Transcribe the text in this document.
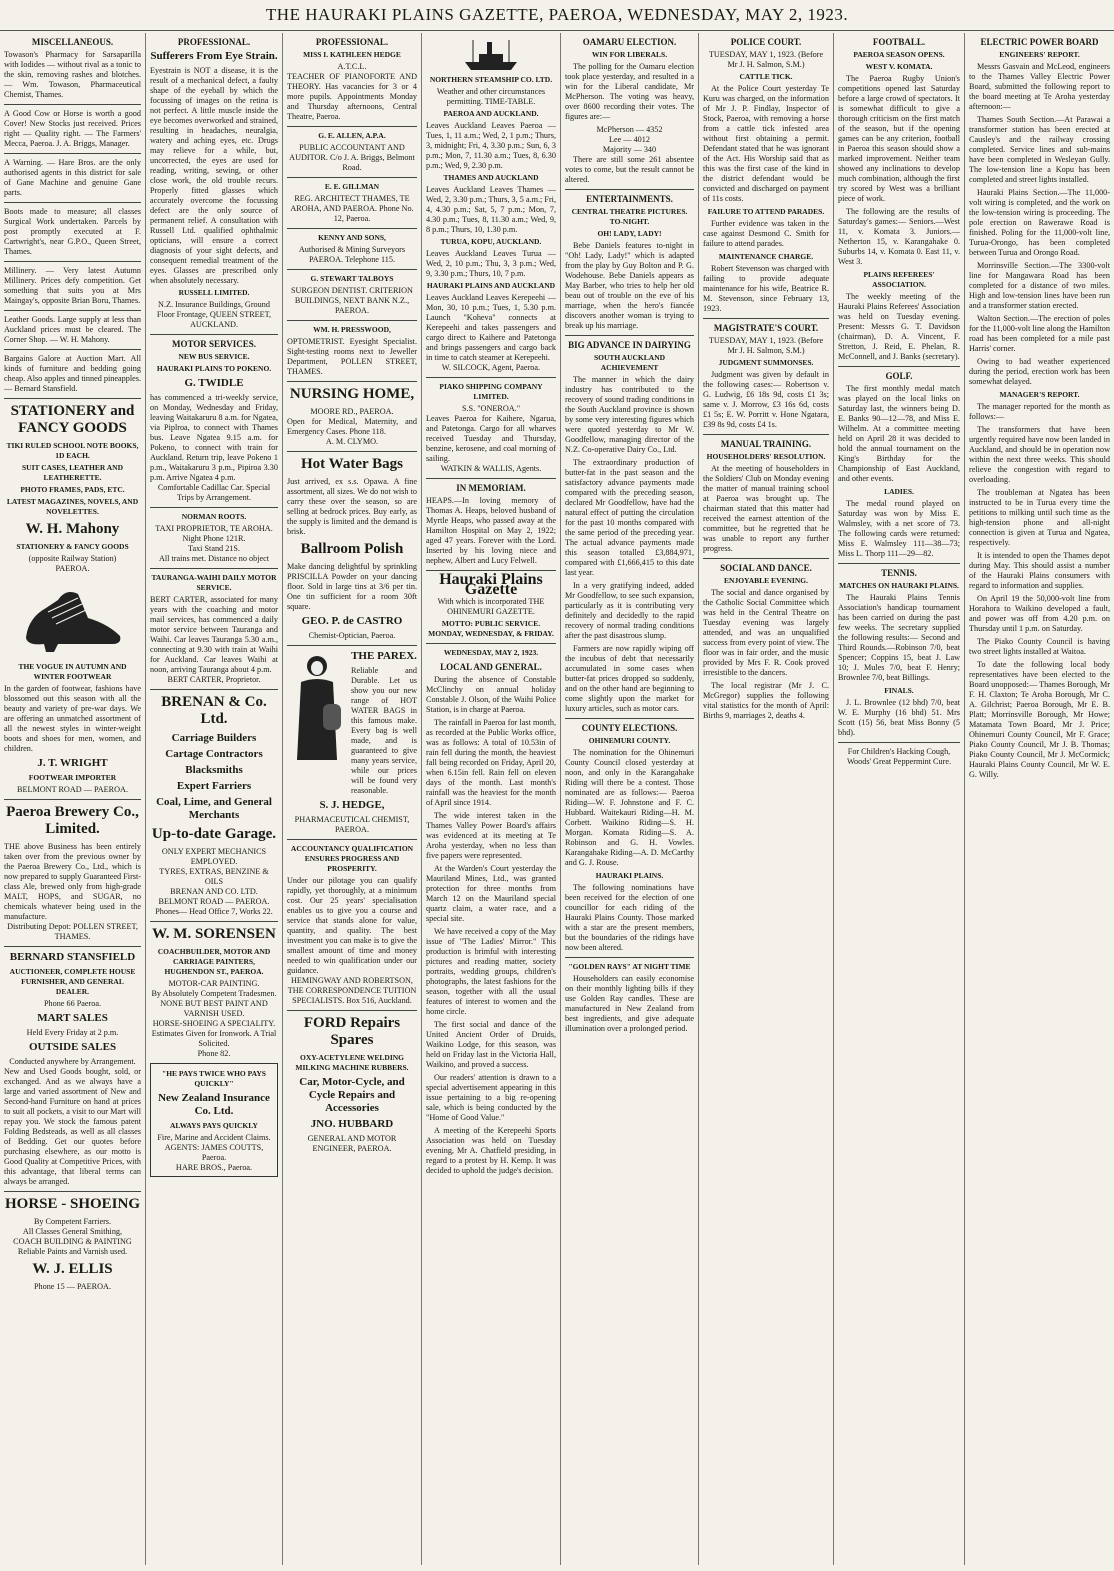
THE HAURAKI PLAINS GAZETTE, PAEROA, WEDNESDAY, MAY 2, 1923.
MISCELLANEOUS.
Towason's Pharmacy for Sarsaparilla with Iodides — without rival as a tonic to the skin, removing rashes and blotches. — Wm. Towason, Pharmaceutical Chemist, Thames.
A Good Cow or Horse is worth a good Cover! New Stocks just received. Prices right — Quality right. — The Farmers' Mecca, Paeroa. J. A. Briggs, Manager.
A Warning. — Hare Bros. are the only authorised agents in this district for sale of Gane Machine and genuine Gane parts.
Boots made to measure; all classes Surgical Work undertaken. Parcels by post promptly executed at F. Cartwright's, near G.P.O., Queen Street, Thames.
Millinery. — Very latest Autumn Millinery. Prices defy competition. Get something that suits you at Mrs Maingay's, opposite Brian Boru, Thames.
Leather Goods. Large supply at less than Auckland prices must be cleared. The Corner Shop. — W. H. Mahony.
Bargains Galore at Auction Mart. All kinds of furniture and bedding going cheap. Also apples and tinned pineapples. — Bernard Stansfield.
STATIONERY and FANCY GOODS
TIKI RULED SCHOOL NOTE BOOKS, 1D EACH.
SUIT CASES, LEATHER AND LEATHERETTE.
PHOTO FRAMES, PADS, ETC.
LATEST MAGAZINES, NOVELS, AND NOVELETTES.
W. H. Mahony
STATIONERY & FANCY GOODS
(opposite Railway Station)
PAEROA.
THE VOGUE IN AUTUMN AND WINTER FOOTWEAR
In the garden of footwear, fashions have blossomed out this season with all the beauty and variety of pre-war days. We are offering an unmatched assortment of all the newest styles in winter-weight boots and shoes for men, women, and children.
J. T. WRIGHT
FOOTWEAR IMPORTER
BELMONT ROAD — PAEROA.
Paeroa Brewery Co., Limited.
THE above Business has been entirely taken over from the previous owner by the Paeroa Brewery Co., Ltd., which is now prepared to supply Guaranteed First-class Ale, brewed only from high-grade MALT, HOPS, and SUGAR, no chemicals whatever being used in the manufacture.
Distributing Depot: POLLEN STREET, THAMES.
BERNARD STANSFIELD
AUCTIONEER, COMPLETE HOUSE FURNISHER, AND GENERAL DEALER.
Phone 66 Paeroa.
MART SALES
Held Every Friday at 2 p.m.
OUTSIDE SALES
Conducted anywhere by Arrangement.
New and Used Goods bought, sold, or exchanged. And as we always have a large and varied assortment of New and Second-hand Furniture on hand at prices to suit all pockets, a visit to our Mart will repay you. We stock the famous patent Folding Bedsteads, as well as all classes of Bedding. Get our quotes before purchasing elsewhere, as our motto is Good Quality at Competitive Prices, with this advantage, that liberal terms can always be arranged.
HORSE - SHOEING
By Competent Farriers.
All Classes General Smithing,
COACH BUILDING & PAINTING
Reliable Paints and Varnish used.
W. J. ELLIS
Phone 15 — PAEROA.
PROFESSIONAL.
Sufferers From Eye Strain.
Eyestrain is NOT a disease, it is the result of a mechanical defect, a faulty shape of the eyeball by which the focussing of images on the retina is not perfect. A little muscle inside the eye becomes overworked and strained, resulting in headaches, neuralgia, watery and aching eyes, etc. Drugs may relieve for a while, but, uncorrected, the eyes are used for reading, writing, sewing, or other close work, the old trouble recurs. Properly fitted glasses which accurately overcome the focussing defect are the only source of permanent relief. A consultation with Russell Ltd. qualified ophthalmic opticians, will ensure a correct diagnosis of your sight defects, and consequent remedial treatment of the eyes. Glasses are prescribed only when absolutely necessary.
RUSSELL LIMITED.
N.Z. Insurance Buildings, Ground Floor Frontage, QUEEN STREET, AUCKLAND.
MOTOR SERVICES.
NEW BUS SERVICE.
HAURAKI PLAINS TO POKENO.
G. TWIDLE
has commenced a tri-weekly service, on Monday, Wednesday and Friday, leaving Waitakaruru 8 a.m. for Ngatea, via Piplroa, to connect with Thames bus. Leave Ngatea 9.15 a.m. for Pokeno, to connect with train for Auckland. Return trip, leave Pokeno 1 p.m., Waitakaruru 3 p.m., Pipiroa 3.30 p.m. Arrive Ngatea 4 p.m.
Comfortable Cadillac Car. Special Trips by Arrangement.
NORMAN ROOTS.
TAXI PROPRIETOR, TE AROHA.
Night Phone 121R.
Taxi Stand 21S.
All trains met. Distance no object
TAURANGA-WAIHI DAILY MOTOR SERVICE.
BERT CARTER, associated for many years with the coaching and motor mail services, has commenced a daily motor service between Tauranga and Waihi. Car leaves Tauranga 5.30 a.m., connecting at 9.30 with train at Waihi for Auckland. Car leaves Waihi at noon, arriving Tauranga about 4 p.m.
BERT CARTER, Proprietor.
BRENAN & Co. Ltd.
Carriage Builders
Cartage Contractors
Blacksmiths
Expert Farriers
Coal, Lime, and General Merchants
Up-to-date Garage.
ONLY EXPERT MECHANICS EMPLOYED.
TYRES, EXTRAS, BENZINE & OILS
BRENAN AND CO. LTD.
BELMONT ROAD — PAEROA.
Phones— Head Office 7, Works 22.
W. M. SORENSEN
COACHBUILDER, MOTOR AND CARRIAGE PAINTERS, HUGHENDON ST., PAEROA.
MOTOR-CAR PAINTING.
By Absolutely Competent Tradesmen.
NONE BUT BEST PAINT AND VARNISH USED.
HORSE-SHOEING A SPECIALITY.
Estimates Given for Ironwork. A Trial Solicited.
Phone 82.
"HE PAYS TWICE WHO PAYS QUICKLY"
New Zealand Insurance Co. Ltd.
ALWAYS PAYS QUICKLY
Fire, Marine and Accident Claims.
AGENTS: JAMES COUTTS, Paeroa.
HARE BROS., Paeroa.
PROFESSIONAL.
MISS I. KATHLEEN HEDGE
A.T.C.L.
TEACHER OF PIANOFORTE AND THEORY. Has vacancies for 3 or 4 more pupils. Appointments Monday and Thursday afternoons, Central Theatre, Paeroa.
G. E. ALLEN, A.P.A.
PUBLIC ACCOUNTANT AND AUDITOR. C/o J. A. Briggs, Belmont Road.
E. E. GILLMAN
REG. ARCHITECT THAMES, TE AROHA, AND PAEROA. Phone No. 12, Paeroa.
KENNY AND SONS,
Authorised & Mining Surveyors PAEROA. Telephone 115.
G. STEWART TALBOYS
SURGEON DENTIST. CRITERION BUILDINGS, NEXT BANK N.Z., PAEROA.
WM. H. PRESSWOOD,
OPTOMETRIST. Eyesight Specialist. Sight-testing rooms next to Jeweller Department, POLLEN STREET, THAMES.
NURSING HOME,
MOORE RD., PAEROA.
Open for Medical, Maternity, and Emergency Cases. Phone 118.
A. M. CLYMO.
Hot Water Bags
Just arrived, ex s.s. Opawa. A fine assortment, all sizes. We do not wish to carry these over the season, so are selling at bedrock prices. Buy early, as the supply is limited and the demand is brisk.
Ballroom Polish
Make dancing delightful by sprinkling PRISCILLA Powder on your dancing floor. Sold in large tins at 3/6 per tin. One tin sufficient for a room 30ft square.
GEO. P. de CASTRO
Chemist-Optician, Paeroa.
THE PAREX.
Reliable and Durable. Let us show you our new range of HOT WATER BAGS in this famous make. Every bag is well made, and is guaranteed to give many years service, while our prices will be found very reasonable.
S. J. HEDGE,
PHARMACEUTICAL CHEMIST, PAEROA.
ACCOUNTANCY QUALIFICATION ENSURES PROGRESS AND PROSPERITY.
Under our pilotage you can qualify rapidly, yet thoroughly, at a minimum cost. Our 25 years' specialisation enables us to give you a course and service that stands alone for value, quantity, and quality. The best investment you can make is to give the smallest amount of time and money needed to win qualification under our guidance.
HEMINGWAY AND ROBERTSON, THE CORRESPONDENCE TUITION SPECIALISTS. Box 516, Auckland.
FORD Repairs Spares
OXY-ACETYLENE WELDING MILKING MACHINE RUBBERS.
Car, Motor-Cycle, and Cycle Repairs and Accessories
JNO. HUBBARD
GENERAL AND MOTOR ENGINEER, PAEROA.
NORTHERN STEAMSHIP CO. LTD.
Weather and other circumstances permitting. TIME-TABLE.
PAEROA AND AUCKLAND.
Leaves Auckland Leaves Paeroa — Tues, 1, 11 a.m.; Wed, 2, 1 p.m.; Thurs, 3, midnight; Fri, 4, 3.30 p.m.; Sun, 6, 3 p.m.; Mon, 7, 11.30 a.m.; Tues, 8, 6.30 p.m.; Wed, 9, 2.30 p.m.
THAMES AND AUCKLAND
Leaves Auckland Leaves Thames — Wed, 2, 3.30 p.m.; Thurs, 3, 5 a.m.; Fri, 4, 4.30 p.m.; Sat, 5, 7 p.m.; Mon, 7, 4.30 p.m.; Tues, 8, 11.30 a.m.; Wed, 9, 8 p.m.; Thurs, 10, 1.30 p.m.
TURUA, KOPU, AUCKLAND.
Leaves Auckland Leaves Turua — Wed, 2, 10 p.m.; Thu, 3, 3 p.m.; Wed, 9, 3.30 p.m.; Thurs, 10, 7 p.m.
HAURAKI PLAINS AND AUCKLAND
Leaves Auckland Leaves Kerepeehi — Mon, 30, 10 p.m.; Tues, 1, 5.30 p.m. Launch "Koheva" connects at Kerepeehi and takes passengers and cargo direct to Kaihere and Patetonga and brings passengers and cargo back in time to catch steamer at Kerepeehi.
W. SILCOCK, Agent, Paeroa.
PIAKO SHIPPING COMPANY LIMITED.
S.S. "ONEROA."
Leaves Paeroa for Kaihere, Ngarua, and Patetonga. Cargo for all wharves received Tuesday and Thursday, benzine, kerosene, and coal morning of sailing.
WATKIN & WALLIS, Agents.
IN MEMORIAM.
HEAPS.—In loving memory of Thomas A. Heaps, beloved husband of Myrtle Heaps, who passed away at the Hamilton Hospital on May 2, 1922; aged 47 years. Forever with the Lord. Inserted by his loving niece and nephew, Albert and Lucy Felwell.
Hauraki Plains Gazette
With which is incorporated THE OHINEMURI GAZETTE.
MOTTO: PUBLIC SERVICE. MONDAY, WEDNESDAY, & FRIDAY.
WEDNESDAY, MAY 2, 1923.
LOCAL AND GENERAL.

During the absence of Constable McClinchy on annual holiday Constable J. Olson, of the Waihi Police Station, is in charge at Paeroa.

The rainfall in Paeroa for last month, as recorded at the Public Works office, was as follows: A total of 10.53in of rain fell during the month, the heaviest fall being recorded on Friday, April 20, when 6.15in fell. Rain fell on eleven days of the month. Last month's rainfall was the heaviest for the month of April since 1914.

The wide interest taken in the Thames Valley Power Board's affairs was evidenced at its meeting at Te Aroha yesterday, when no less than five papers were represented.

At the Warden's Court yesterday the Mauriland Mines, Ltd., was granted protection for three months from March 12 on the Mauriland special quartz claim, a water race, and a special site.

We have received a copy of the May issue of "The Ladies' Mirror." This production is brimful with interesting pictures and reading matter, society portraits, wedding groups, children's photographs, the latest fashions for the season, together with all the usual features of interest to women and the home circle.

The first social and dance of the United Ancient Order of Druids, Waikino Lodge, for this season, was held on Friday last in the Victoria Hall, Waikino, and proved a success.

Our readers' attention is drawn to a special advertisement appearing in this issue pertaining to a big re-opening sale, which is being conducted by the "Home of Good Value."

A meeting of the Kerepeehi Sports Association was held on Tuesday evening, Mr A. Chatfield presiding, in regard to a protest by H. Kemp. It was decided to uphold the judge's decision.

OAMARU ELECTION.
WIN FOR LIBERALS.

The polling for the Oamaru election took place yesterday, and resulted in a win for the Liberal candidate, Mr McPherson. The voting was heavy, over 8600 recording their votes. The figures are:—

McPherson — 4352
Lee — 4012
Majority — 340

There are still some 261 absentee votes to come, but the result cannot be altered.

ENTERTAINMENTS.
CENTRAL THEATRE PICTURES. TO-NIGHT.
OH! LADY, LADY!

Bebe Daniels features to-night in "Oh! Lady, Lady!" which is adapted from the play by Guy Bolton and P. G. Wodehouse. Bebe Daniels appears as May Barber, who tries to help her old beau out of trouble on the eve of his marriage, when the hero's fiancée discovers another woman is trying to break up his marriage.

BIG ADVANCE IN DAIRYING
SOUTH AUCKLAND ACHIEVEMENT

The manner in which the dairy industry has contributed to the recovery of sound trading conditions in the South Auckland province is shown by some very interesting figures which were quoted yesterday to Mr W. Goodfellow, managing director of the N.Z. Co-operative Dairy Co., Ltd.

The extraordinary production of butter-fat in the past season and the satisfactory advance payments made compared with the preceding season, declared Mr Goodfellow, have had the natural effect of putting the circulation for the past 10 months compared with the same period of the preceding year. The actual advance payments made this season totalled £3,884,971, compared with £1,666,415 to this date last year.

In a very gratifying indeed, added Mr Goodfellow, to see such expansion, particularly as it is contributing very definitely and decidedly to the rapid recovery of normal trading conditions after the past disastrous slump.

Farmers are now rapidly wiping off the incubus of debt that necessarily accumulated in some cases when butter-fat prices dropped so suddenly, and on the other hand are beginning to come slightly upon the market for luxury articles, such as motor cars.

COUNTY ELECTIONS.
OHINEMURI COUNTY.

The nomination for the Ohinemuri County Council closed yesterday at noon, and only in the Karangahake Riding will there be a contest. Those nominated are as follows:— Paeroa Riding—W. F. Johnstone and F. C. Hubbard. Waitekauri Riding—H. M. Corbett. Waikino Riding—S. H. Morgan. Komata Riding—S. A. Robinson and G. H. Vowles. Karangahake Riding—A. D. McCarthy and G. J. Rouse.

HAURAKI PLAINS.

The following nominations have been received for the election of one councillor for each riding of the Hauraki Plains County. Those marked with a star are the present members, but the boundaries of the ridings have now been altered.

"GOLDEN RAYS" AT NIGHT TIME

Householders can easily economise on their monthly lighting bills if they use Golden Ray candles. These are manufactured in New Zealand from best ingredients, and give adequate illumination over a prolonged period.

POLICE COURT.
TUESDAY, MAY 1, 1923. (Before Mr J. H. Salmon, S.M.)
CATTLE TICK.

At the Police Court yesterday Te Kuru was charged, on the information of Mr J. P. Findlay, Inspector of Stock, Paeroa, with removing a horse from a cattle tick infested area without first obtaining a permit. Defendant stated that he was ignorant of the Act. His Worship said that as this was the first case of the kind in the district defendant would be convicted and discharged on payment of 11s costs.

FAILURE TO ATTEND PARADES.

Further evidence was taken in the case against Desmond C. Smith for failure to attend parades.

MAINTENANCE CHARGE.

Robert Stevenson was charged with failing to provide adequate maintenance for his wife, Beatrice R. M. Stevenson, since February 13, 1923.

MAGISTRATE'S COURT.
TUESDAY, MAY 1, 1923. (Before Mr J. H. Salmon, S.M.)
JUDGMENT SUMMONSES.

Judgment was given by default in the following cases:— Robertson v. G. Ludwig, £6 18s 9d, costs £1 3s; same v. J. Morrow, £3 16s 6d, costs £1 5s; E. W. Porritt v. Hone Ngatara, £39 8s 9d, costs £4 1s.

MANUAL TRAINING.
HOUSEHOLDERS' RESOLUTION.

At the meeting of householders in the Soldiers' Club on Monday evening the matter of manual training school at Paeroa was brought up. The chairman stated that this matter had received the earnest attention of the committee, but he regretted that he was unable to report any further progress.

SOCIAL AND DANCE.
ENJOYABLE EVENING.

The social and dance organised by the Catholic Social Committee which was held in the Central Theatre on Tuesday evening was largely attended, and was an unqualified success from every point of view. The floor was in fair order, and the music provided by Mrs F. R. Cook proved irresistible to the dancers.

The local registrar (Mr J. C. McGregor) supplies the following vital statistics for the month of April: Births 9, marriages 2, deaths 4.

FOOTBALL.
PAEROA SEASON OPENS.
WEST V. KOMATA.

The Paeroa Rugby Union's competitions opened last Saturday before a large crowd of spectators. It is somewhat difficult to give a thorough criticism on the first match of the season, but if the opening games can be any criterion, football in Paeroa this season should show a marked improvement. Neither team showed any inclinations to develop much combination, although the first try scored by West was a brilliant piece of work.

The following are the results of Saturday's games:— Seniors.—West 11, v. Komata 3. Juniors.—Netherton 15, v. Karangahake 0. Suburbs 14, v. Komata 0. East 11, v. West 3.

PLAINS REFEREES' ASSOCIATION.

The weekly meeting of the Hauraki Plains Referees' Association was held on Tuesday evening. Present: Messrs G. T. Davidson (chairman), D. A. Vincent, F. Stretton, J. Reid, E. Phelan, R. McConnell, and J. Banks (secretary).

GOLF.

The first monthly medal match was played on the local links on Saturday last, the winners being D. E. Banks 90—12—78, and Miss E. Wilhelm. At a committee meeting held on April 28 it was decided to hold the annual tournament on the King's Birthday for the Championship of East Auckland, and other events.

LADIES.

The medal round played on Saturday was won by Miss E. Walmsley, with a net score of 73. The following cards were returned: Miss E. Walmsley 111—38—73; Miss L. Thorp 111—29—82.

TENNIS.
MATCHES ON HAURAKI PLAINS.

The Hauraki Plains Tennis Association's handicap tournament has been carried on during the past few weeks. The secretary supplied the following results:— Second and Third Rounds.—Robinson 7/0, beat Spencer; Coppins 15, beat J. Law 10; J. Mules 7/0, beat F. Henry; Brownlee 7/0, beat Billings.

FINALS.

J. L. Brownlee (12 bhd) 7/0, beat W. E. Murphy (16 bhd) 51. Mrs Scott (15) 56, beat Miss Bonny (5 bhd).

For Children's Hacking Cough, Woods' Great Peppermint Cure.
ELECTRIC POWER BOARD
ENGINEERS' REPORT.

Messrs Gasvain and McLeod, engineers to the Thames Valley Electric Power Board, submitted the following report to the board meeting at Te Aroha yesterday afternoon:—

Thames South Section.—At Parawai a transformer station has been erected at Causley's and the railway crossing completed. Service lines and sub-mains have been completed in Wesleyan Gully. The low-tension line a Kopu has been completed and street lights installed.

Hauraki Plains Section.—The 11,000-volt wiring is completed, and the work on the low-tension wiring is proceeding. The pole erection on Rawerawe Road is finished. Poling for the 11,000-volt line, Turua-Orongo, has been completed between Turua and Orongo Road.

Morrinsville Section.—The 3300-volt line for Mangawara Road has been completed for a distance of two miles. High and low-tension lines have been run and a transformer station erected.

Walton Section.—The erection of poles for the 11,000-volt line along the Hamilton road has been completed for a mile past Harris' corner.

Owing to bad weather experienced during the period, erection work has been somewhat delayed.

MANAGER'S REPORT.

The manager reported for the month as follows:—

The transformers that have been urgently required have now been landed in Auckland, and should be in operation now within the next three weeks. This should relieve the congestion with regard to overloading.

The troubleman at Ngatea has been instructed to be in Turua every time the petitions to milking until such time as the high-tension phone and all-night connection is given at Turua and Ngatea, respectively.

It is intended to open the Thames depot during May. This should assist a number of the Hauraki Plains consumers with regard to information and supplies.

On April 19 the 50,000-volt line from Horahora to Waikino developed a fault, and power was off from 4.20 p.m. on Thursday until 1 p.m. on Saturday.

The Piako County Council is having two street lights installed at Waitoa.

To date the following local body representatives have been elected to the Board unopposed:— Thames Borough, Mr F. H. Claxton; Te Aroha Borough, Mr C. A. Gilchrist; Paeroa Borough, Mr E. B. Platt; Morrinsville Borough, Mr Howe; Matamata Town Board, Mr J. Price; Ohinemuri County Council, Mr F. Grace; Piako County Council, Mr J. B. Thomas; Piako County Council, Mr J. McCormick; Hauraki Plains County Council, Mr W. E. G. Willy.
